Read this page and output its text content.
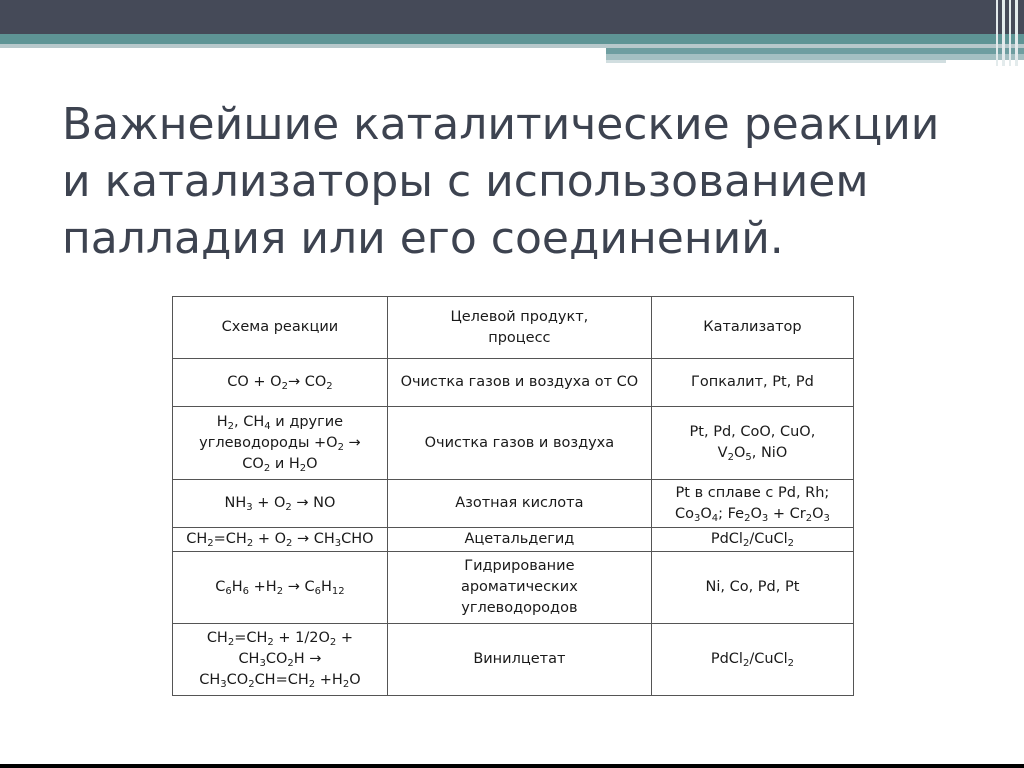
Важнейшие каталитические реакции
и катализаторы с использованием
палладия или его соединений.
Схема реакции	Целевой продукт, процесс	Катализатор
CO + $O_2\to CO_2$	Очистка газов и воздуха от CO	Гопкалит, Pt, Pd
$H_2$, $CH_4$ и другие углеводороды $+O_2 \to CO_2$ и $H_2O$	Очистка газов и воздуха	Pt, Pd, CoO, CuO, $V_2O_5$, NiO
$NH_3 + O_2$ → NO	Азотная кислота	Pt в сплаве с Pd, Rh; $Co_3O_4$; $Fe_2O_3 + Cr_2O_3$
$CH_2=CH_2 + O_2 \to CH_3CHO$	Ацетальдегид	PdCl$_2$/CuCl$_2$
$C_6H_6 +H_2 \to C_6H_{12}$	Гидрирование ароматических углеводородов	Ni, Co, Pd, Pt
$CH_2=CH_2 + 1/2O_2 + CH_3CO_2H$ →
$CH_3CO_2CH=CH_2 +H_2O$	Винилцетат	PdCl$_2$/CuCl$_2$
